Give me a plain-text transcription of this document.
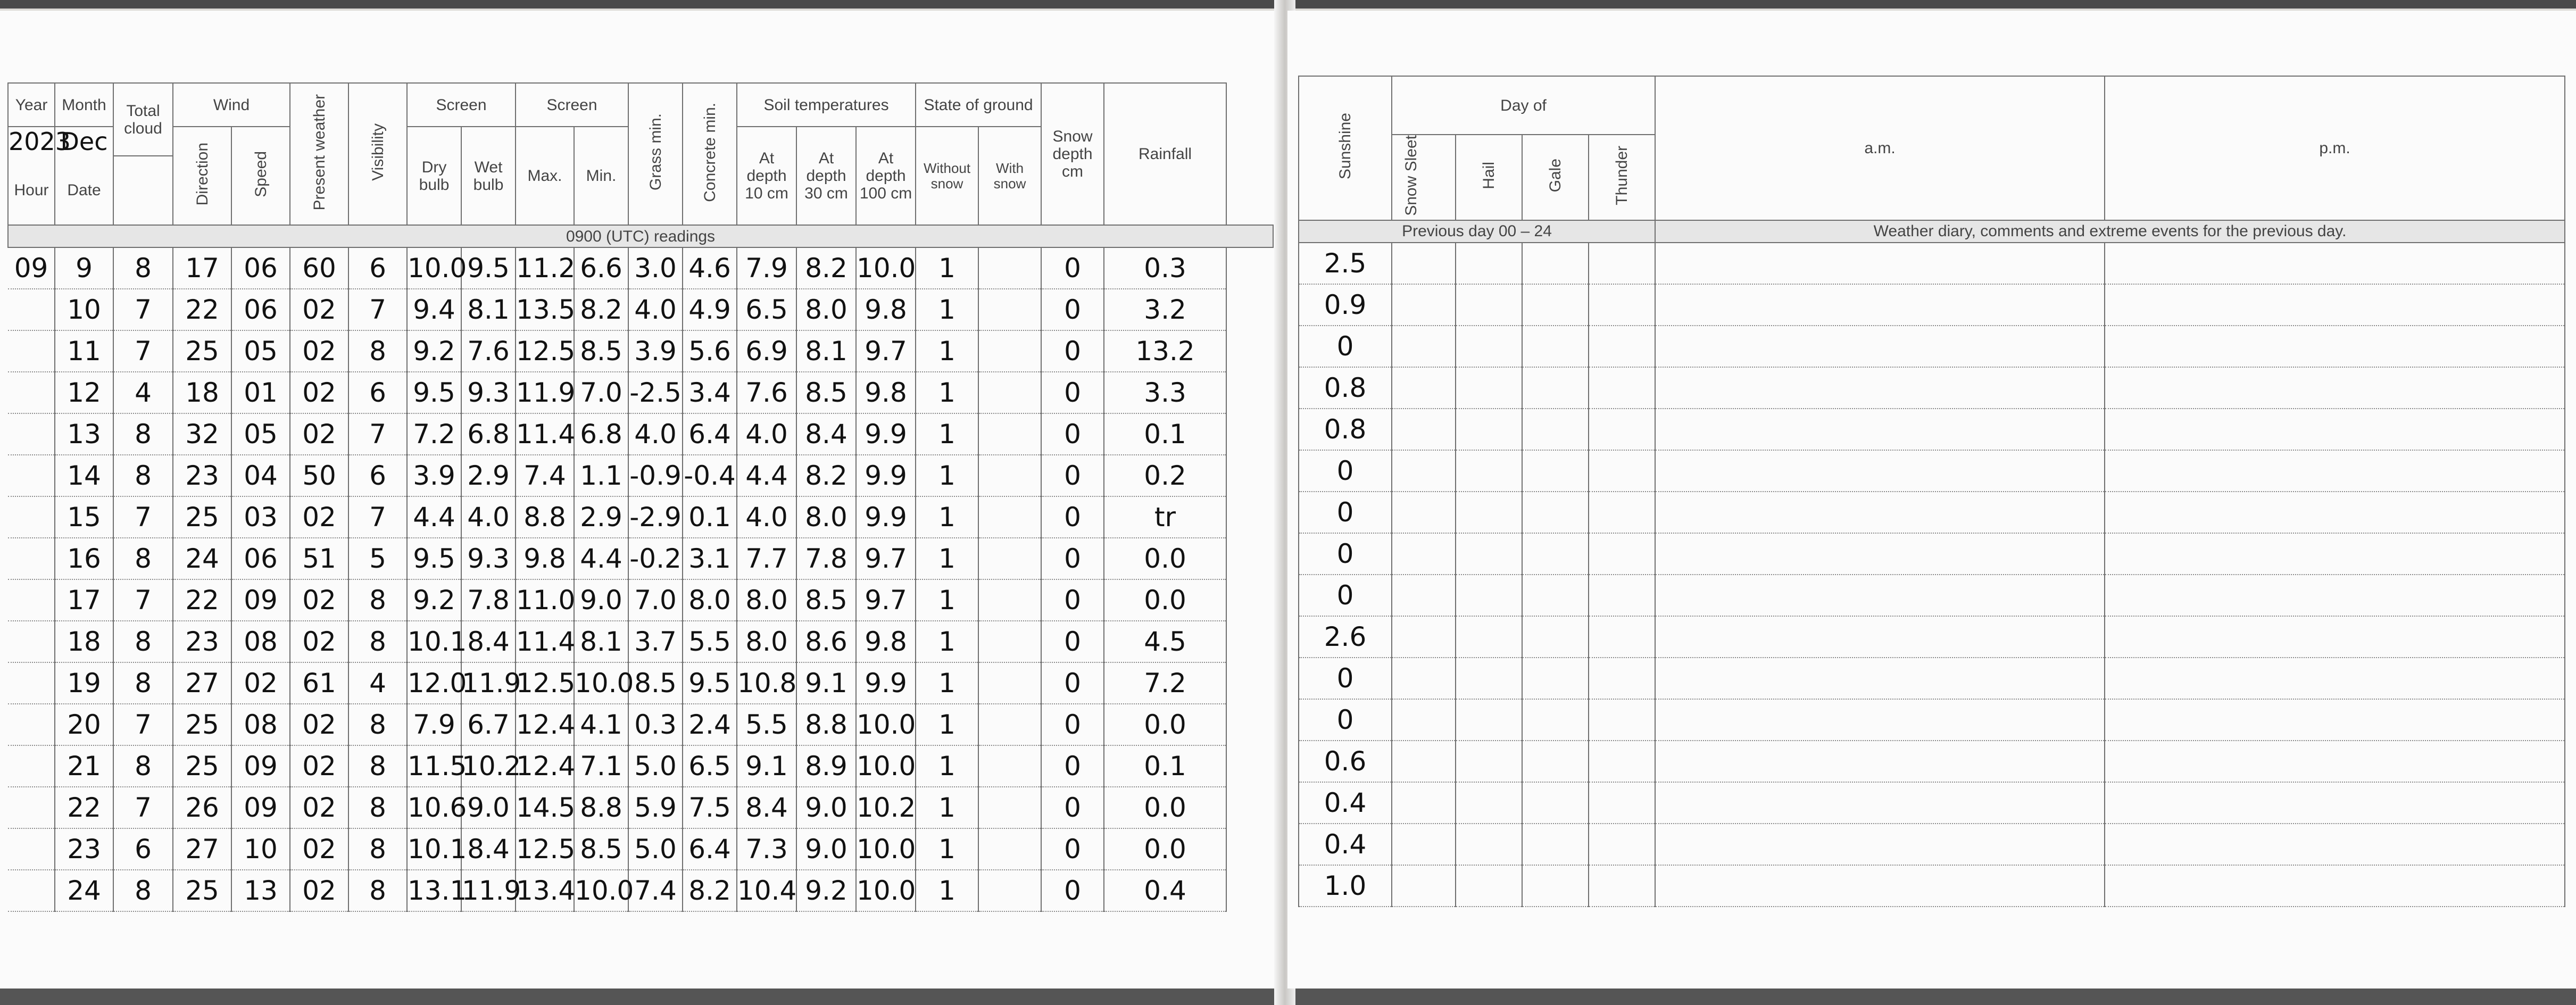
Year	Month	Total cloud	Wind		Present weather	Visibility	Screen		Screen		Grass min.	Concrete min.	Soil temperatures			State of ground		Snow depth cm	Rainfall
2023	Dec		Direction	Speed			Dry bulb	Wet bulb	Max.	Min.			At depth 10 cm	At depth 30 cm	At depth 100 cm	Without snow	With snow		
Hour	Date																		
0900 (UTC) readings																			
09	9	8	17	06	60	6	10.0	9.5	11.2	6.6	3.0	4.6	7.9	8.2	10.0	1		0	0.3
	10	7	22	06	02	7	9.4	8.1	13.5	8.2	4.0	4.9	6.5	8.0	9.8	1		0	3.2
	11	7	25	05	02	8	9.2	7.6	12.5	8.5	3.9	5.6	6.9	8.1	9.7	1		0	13.2
	12	4	18	01	02	6	9.5	9.3	11.9	7.0	-2.5	3.4	7.6	8.5	9.8	1		0	3.3
	13	8	32	05	02	7	7.2	6.8	11.4	6.8	4.0	6.4	4.0	8.4	9.9	1		0	0.1
	14	8	23	04	50	6	3.9	2.9	7.4	1.1	-0.9	-0.4	4.4	8.2	9.9	1		0	0.2
	15	7	25	03	02	7	4.4	4.0	8.8	2.9	-2.9	0.1	4.0	8.0	9.9	1		0	tr
	16	8	24	06	51	5	9.5	9.3	9.8	4.4	-0.2	3.1	7.7	7.8	9.7	1		0	0.0
	17	7	22	09	02	8	9.2	7.8	11.0	9.0	7.0	8.0	8.0	8.5	9.7	1		0	0.0
	18	8	23	08	02	8	10.1	8.4	11.4	8.1	3.7	5.5	8.0	8.6	9.8	1		0	4.5
	19	8	27	02	61	4	12.0	11.9	12.5	10.0	8.5	9.5	10.8	9.1	9.9	1		0	7.2
	20	7	25	08	02	8	7.9	6.7	12.4	4.1	0.3	2.4	5.5	8.8	10.0	1		0	0.0
	21	8	25	09	02	8	11.5	10.2	12.4	7.1	5.0	6.5	9.1	8.9	10.0	1		0	0.1
	22	7	26	09	02	8	10.6	9.0	14.5	8.8	5.9	7.5	8.4	9.0	10.2	1		0	0.0
	23	6	27	10	02	8	10.1	8.4	12.5	8.5	5.0	6.4	7.3	9.0	10.0	1		0	0.0
	24	8	25	13	02	8	13.1	11.9	13.4	10.0	7.4	8.2	10.4	9.2	10.0	1		0	0.4
Sunshine	Day of				a.m.	p.m.
	Snow Sleet	Hail	Gale	Thunder		
Previous day 00 – 24					Weather diary, comments and extreme events for the previous day.	
2.5						
0.9						
0						
0.8						
0.8						
0						
0						
0						
0						
2.6						
0						
0						
0.6						
0.4						
0.4						
1.0						
